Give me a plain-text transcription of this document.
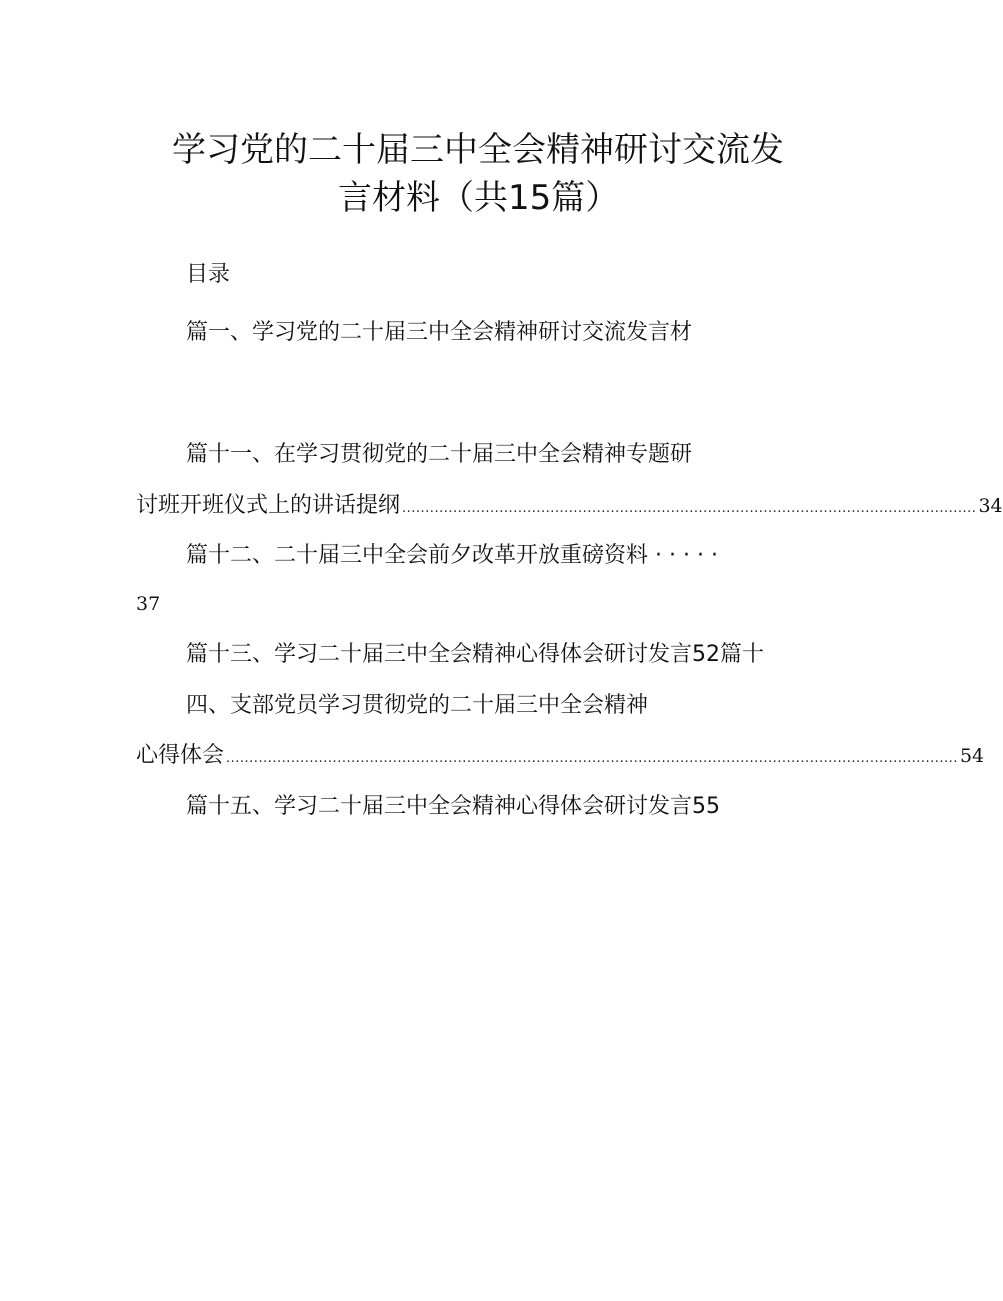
学习党的二十届三中全会精神研讨交流发
言材料（共15篇）
目录
篇一、学习党的二十届三中全会精神研讨交流发言材
篇十一、在学习贯彻党的二十届三中全会精神专题研
讨班开班仪式上的讲话提纲 ............................................................................................................................ 34
篇十二、二十届三中全会前夕改革开放重磅资料 · · · · ·
37
篇十三、学习二十届三中全会精神心得体会研讨发言52篇十
四、支部党员学习贯彻党的二十届三中全会精神
心得体会 .............................................................................................................................................................. 54
篇十五、学习二十届三中全会精神心得体会研讨发言55
